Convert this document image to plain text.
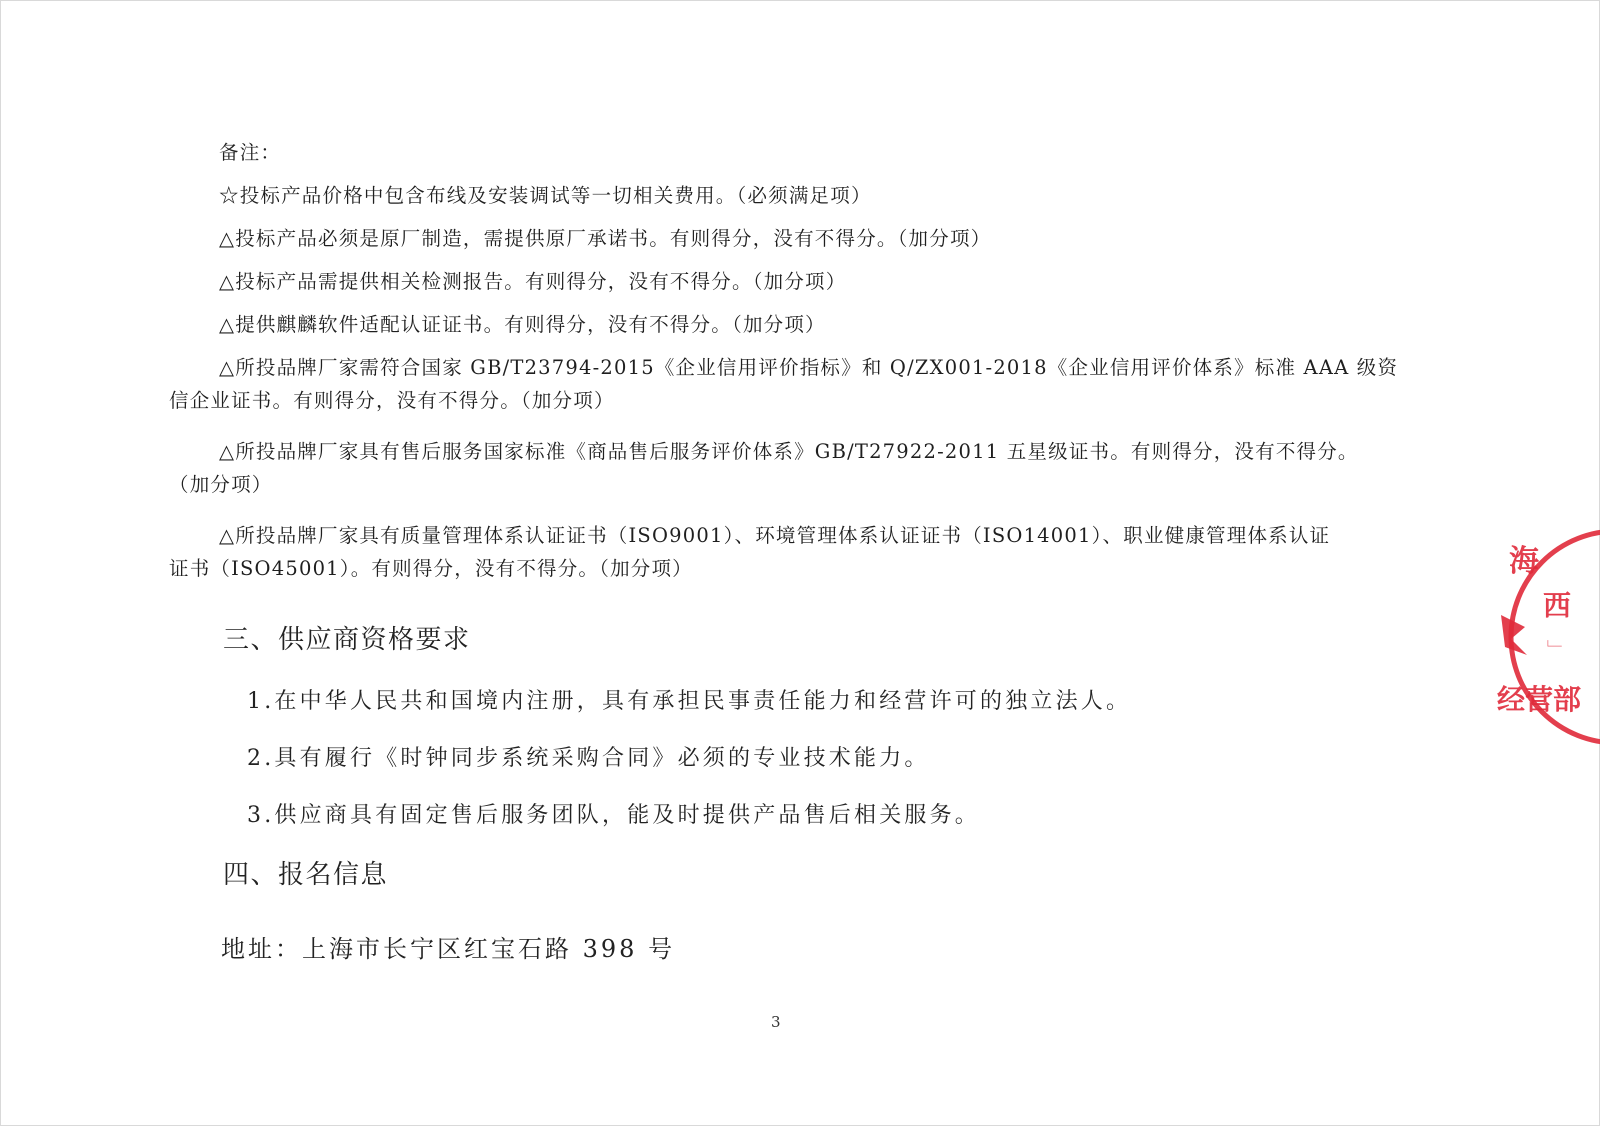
备注：
☆投标产品价格中包含布线及安装调试等一切相关费用。（必须满足项）
△投标产品必须是原厂制造，需提供原厂承诺书。有则得分，没有不得分。（加分项）
△投标产品需提供相关检测报告。有则得分，没有不得分。（加分项）
△提供麒麟软件适配认证证书。有则得分，没有不得分。（加分项）
△所投品牌厂家需符合国家 GB/T23794-2015《企业信用评价指标》和 Q/ZX001-2018《企业信用评价体系》标准 AAA 级资
信企业证书。有则得分，没有不得分。（加分项）
△所投品牌厂家具有售后服务国家标准《商品售后服务评价体系》GB/T27922-2011 五星级证书。有则得分，没有不得分。
（加分项）
△所投品牌厂家具有质量管理体系认证证书（ISO9001）、环境管理体系认证证书（ISO14001）、职业健康管理体系认证
证书（ISO45001）。有则得分，没有不得分。（加分项）
三、供应商资格要求
1.在中华人民共和国境内注册，具有承担民事责任能力和经营许可的独立法人。
2.具有履行《时钟同步系统采购合同》必须的专业技术能力。
3.供应商具有固定售后服务团队，能及时提供产品售后相关服务。
四、报名信息
地址：上海市长宁区红宝石路 398 号
3
海
西
﹂
经营部
